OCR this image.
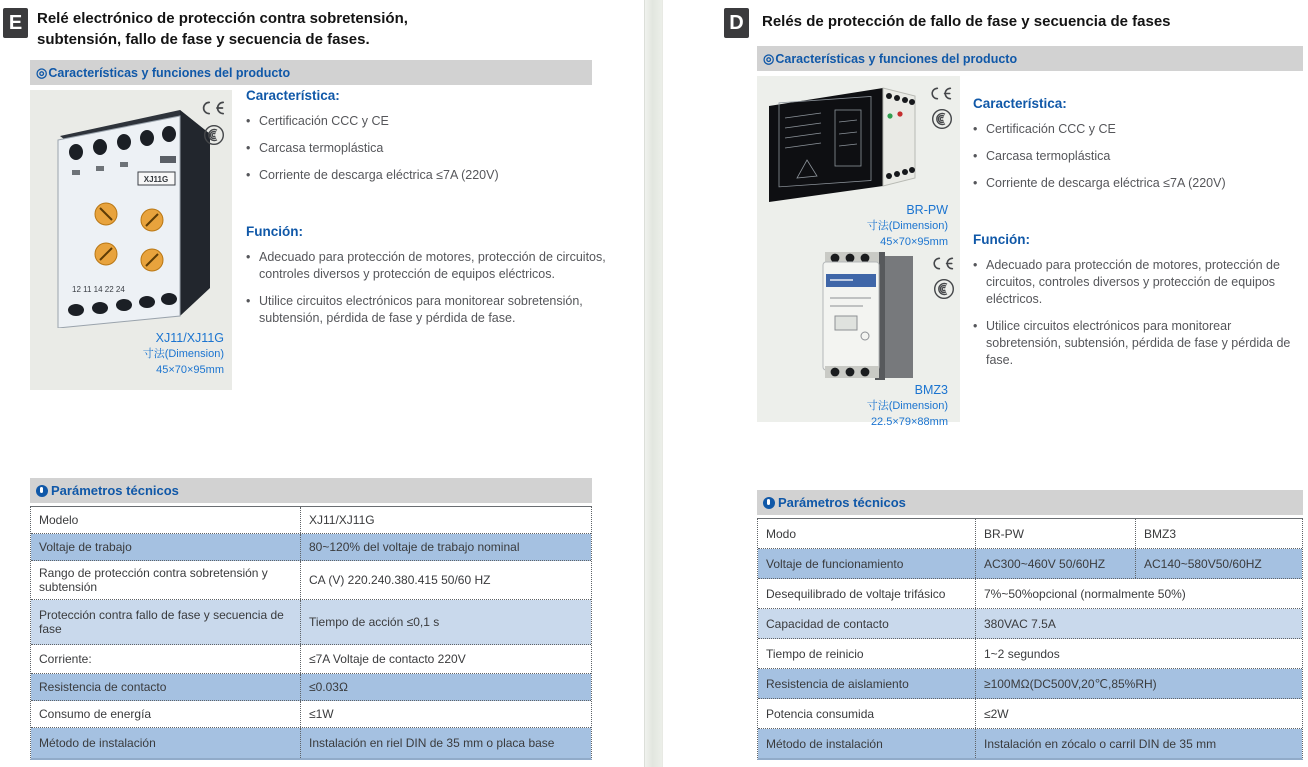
E Relé electrónico de protección contra sobretensión,
subtensión, fallo de fase y secuencia de fases.
◎ Características y funciones del producto
XJ11G
12 11 14 22 24
XJ11/XJ11G
寸法(Dimension)
45×70×95mm
Característica:
• Certificación CCC y CE
• Carcasa termoplástica
• Corriente de descarga eléctrica ≤7A (220V)
Función:
• Adecuado para protección de motores, protección de circuitos, controles diversos y protección de equipos eléctricos.
• Utilice circuitos electrónicos para monitorear sobretensión, subtensión, pérdida de fase y pérdida de fase.
Parámetros técnicos
Modelo	XJ11/XJ11G
Voltaje de trabajo	80~120% del voltaje de trabajo nominal
Rango de protección contra sobretensión y subtensión	CA (V) 220.240.380.415 50/60 HZ
Protección contra fallo de fase y secuencia de fase	Tiempo de acción ≤0,1 s
Corriente:	≤7A Voltaje de contacto 220V
Resistencia de contacto	≤0.03Ω
Consumo de energía	≤1W
Método de instalación	Instalación en riel DIN de 35 mm o placa base
D	Relés de protección de fallo de fase y secuencia de fases
◎ Características y funciones del producto
BR-PW
寸法(Dimension)
45×70×95mm
BMZ3
寸法(Dimension)
22.5×79×88mm
Característica:
• Certificación CCC y CE
• Carcasa termoplástica
• Corriente de descarga eléctrica ≤7A (220V)
Función:
• Adecuado para protección de motores, protección de circuitos, controles diversos y protección de equipos eléctricos.
• Utilice circuitos electrónicos para monitorear sobretensión, subtensión, pérdida de fase y pérdida de fase.
Parámetros técnicos
Modo	BR-PW	BMZ3
Voltaje de funcionamiento	AC300~460V 50/60HZ	AC140~580V50/60HZ
Desequilibrado de voltaje trifásico	7%~50%opcional (normalmente 50%)
Capacidad de contacto	380VAC 7.5A
Tiempo de reinicio	1~2 segundos
Resistencia de aislamiento	≥100MΩ(DC500V,20℃,85%RH)
Potencia consumida	≤2W
Método de instalación	Instalación en zócalo o carril DIN de 35 mm
